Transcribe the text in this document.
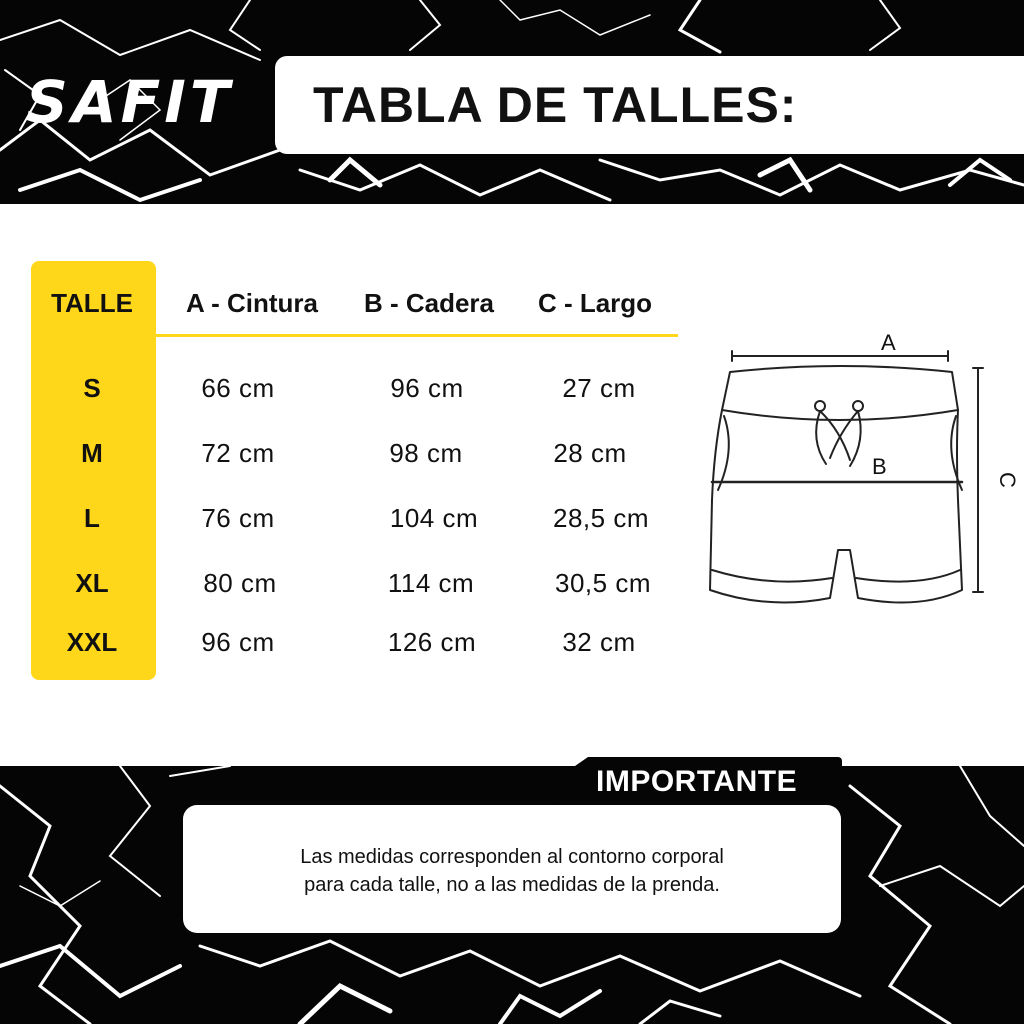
SAFIT	TABLA DE TALLES:
TALLE A - Cintura B - Cadera C - Largo
S	66 cm	96 cm	27 cm
M	72 cm	98 cm	28 cm
L	76 cm	104 cm	28,5 cm
XL	80 cm	114 cm	30,5 cm
XXL	96 cm	126 cm	32 cm
A
B
C
IMPORTANTE
Las medidas corresponden al contorno corporal
para cada talle, no a las medidas de la prenda.
